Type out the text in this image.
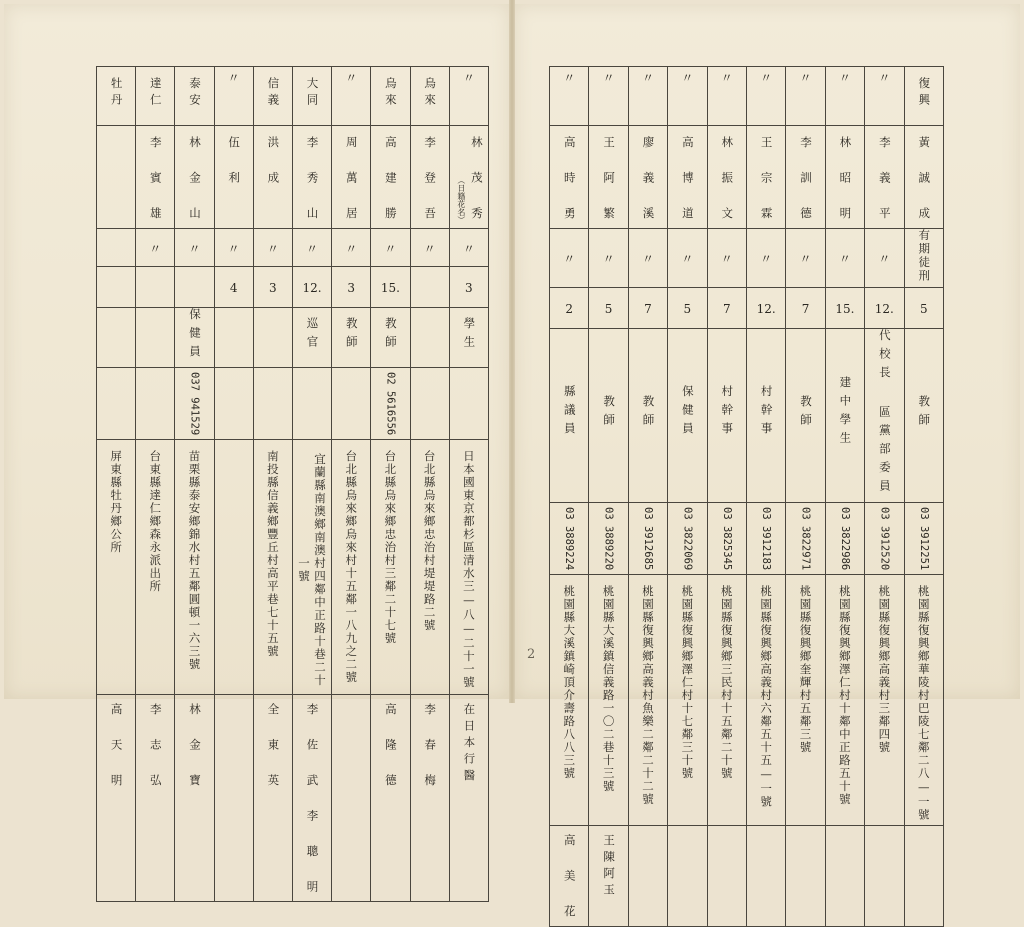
牡丹	達仁	泰安	〃	信義	大同	〃	烏來	烏來	〃
	李 賓 雄	林 金 山	伍 利	洪 成	李 秀 山	周 萬 居	高 建 勝	李 登 吾	（日籍花名） 林 茂 秀
	〃	〃	〃	〃	〃	〃	〃	〃	〃
			4	3	12.	3	15.		3
		保健員			巡官	教師	教師		學生
		037 941529					02 5616556		
屏東縣牡丹鄉公所	台東縣達仁鄉森永派出所	苗栗縣泰安鄉錦水村五鄰圓頓一六三號		南投縣信義鄉豐丘村高平巷七十五號	宜蘭縣南澳鄉南澳村四鄰中正路十巷二十一號	台北縣烏來鄉烏來村十五鄰一八九之二號	台北縣烏來鄉忠治村三鄰二十七號	台北縣烏來鄉忠治村堤堤路二號	日本國東京都杉區清水三—八—二十一號
高 天 明	李 志 弘	林 金 寶		全 東 英	李 佐 武 李 聰 明		高 隆 德	李 春 梅	在日本行醫
〃	〃	〃	〃	〃	〃	〃	〃	〃	復興
高 時 勇	王 阿 繁	廖 義 溪	高 博 道	林 振 文	王 宗 霖	李 訓 德	林 昭 明	李 義 平	黃 誠 成
〃	〃	〃	〃	〃	〃	〃	〃	〃	有期徒刑
2	5	7	5	7	12.	7	15.	12.	5
縣議員	教師	教師	保健員	村幹事	村幹事	教師	建中學生	代校長 區黨部委員	教師
03 3889224	03 3889220	03 3912685	03 3822069	03 3825345	03 3912183	03 3822971	03 3822986	03 3912520	03 3912251
桃園縣大溪鎮崎頂介壽路八八三號	桃園縣大溪鎮信義路一〇二巷十三號	桃園縣復興鄉高義村魚樂二鄰二十二號	桃園縣復興鄉澤仁村十七鄰三十號	桃園縣復興鄉三民村十五鄰二十號	桃園縣復興鄉高義村六鄰五十五—一號	桃園縣復興鄉奎輝村五鄰三號	桃園縣復興鄉澤仁村十鄰中正路五十號	桃園縣復興鄉高義村三鄰四號	桃園縣復興鄉華陵村巴陵七鄰二八—一號
高 美 花	王陳阿玉								
2
